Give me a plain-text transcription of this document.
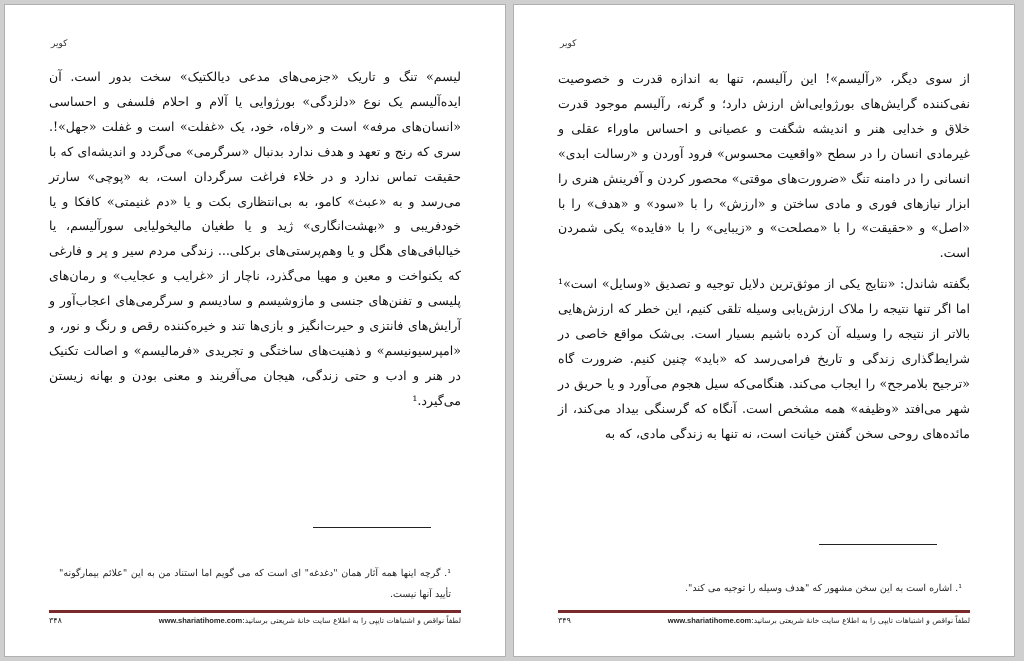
کویر

لیسم» تنگ و تاریک «جزمی‌های مدعی دیالکتیک» سخت بدور است. آن ایده‌آلیسم یک نوع «دلزدگی» بورژوایی یا آلام و احلام فلسفی و احساسی «انسان‌های مرفه» است و «رفاه، خود، یک «غفلت» است و غفلت «جهل»!. سری که رنج و تعهد و هدف ندارد بدنبال «سرگرمی» می‌گردد و اندیشه‌ای که با حقیقت تماس ندارد و در خلاء فراغت سرگردان است، به «پوچی» سارتر می‌رسد و به «عبث» کامو، به بی‌انتظاری بکت و یا «دم غنیمتی» کافکا و یا خودفریبی و «بهشت‌انگاری» ژید و یا طغیان مالیخولیایی سورآلیسم، یا خیالبافی‌های هگل و یا وهم‌پرستی‌های برکلی... زندگی مردم سیر و پر و فارغی که یکنواخت و معین و مهیا می‌گذرد، ناچار از «غرایب و عجایب» و رمان‌های پلیسی و تفنن‌های جنسی و مازوشیسم و سادیسم و سرگرمی‌های اعجاب‌آور و آرایش‌های فانتزی و حیرت‌انگیز و بازی‌ها تند و خیره‌کننده رقص و رنگ و نور، و «امپرسیونیسم» و ذهنیت‌های ساختگی و تجریدی «فرمالیسم» و اصالت تکنیک در هنر و ادب و حتی زندگی، هیجان می‌آفریند و معنی بودن و بهانه زیستن می‌گیرد.¹

¹. گرچه اینها همه آثار همان "دغدغه" ای است که می گویم اما استناد من به این "علائم بیمارگونه" تأیید آنها نیست.
۳۴۸	لطفاً نواقص و اشتباهات تایپی را به اطلاع سایت خانهٔ شریعتی برسانید:
www.shariatihome.com
کویر

از سوی دیگر، «رآلیسم»! این رآلیسم، تنها به اندازه قدرت و خصوصیت نفی‌کننده گرایش‌های بورژوایی‌اش ارزش دارد؛ و گرنه، رآلیسم موجود قدرت خلاق و خدایی هنر و اندیشه شگفت و عصیانی و احساس ماوراء عقلی و غیرمادی انسان را در سطح «واقعیت محسوس» فرود آوردن و «رسالت ابدی» انسانی را در دامنه تنگ «ضرورت‌های موقتی» محصور کردن و آفرینش هنری را ابزار نیازهای فوری و مادی ساختن و «ارزش» را با «سود» و «هدف» را با «اصل» و «حقیقت» را با «مصلحت» و «زیبایی» را با «فایده» یکی شمردن است.

بگفته شاندل: «نتایج یکی از موثق‌ترین دلایل توجیه و تصدیق «وسایل» است»¹ اما اگر تنها نتیجه را ملاک ارزش‌یابی وسیله تلقی کنیم، این خطر که ارزش‌هایی بالاتر از نتیجه را وسیله آن کرده باشیم بسیار است. بی‌شک مواقع خاصی در شرایط‌گذاری زندگی و تاریخ فرامی‌رسد که «باید» چنین کنیم. ضرورت گاه «ترجیح بلامرجح» را ایجاب می‌کند. هنگامی‌که سیل هجوم می‌آورد و یا حریق در شهر می‌افتد «وظیفه» همه مشخص است. آنگاه که گرسنگی بیداد می‌کند، از مائده‌های روحی سخن گفتن خیانت است، نه تنها به زندگی مادی، که به

¹. اشاره است به این سخن مشهور که "هدف وسیله را توجیه می کند".
۳۴۹	لطفاً نواقص و اشتباهات تایپی را به اطلاع سایت خانهٔ شریعتی برسانید:
www.shariatihome.com
